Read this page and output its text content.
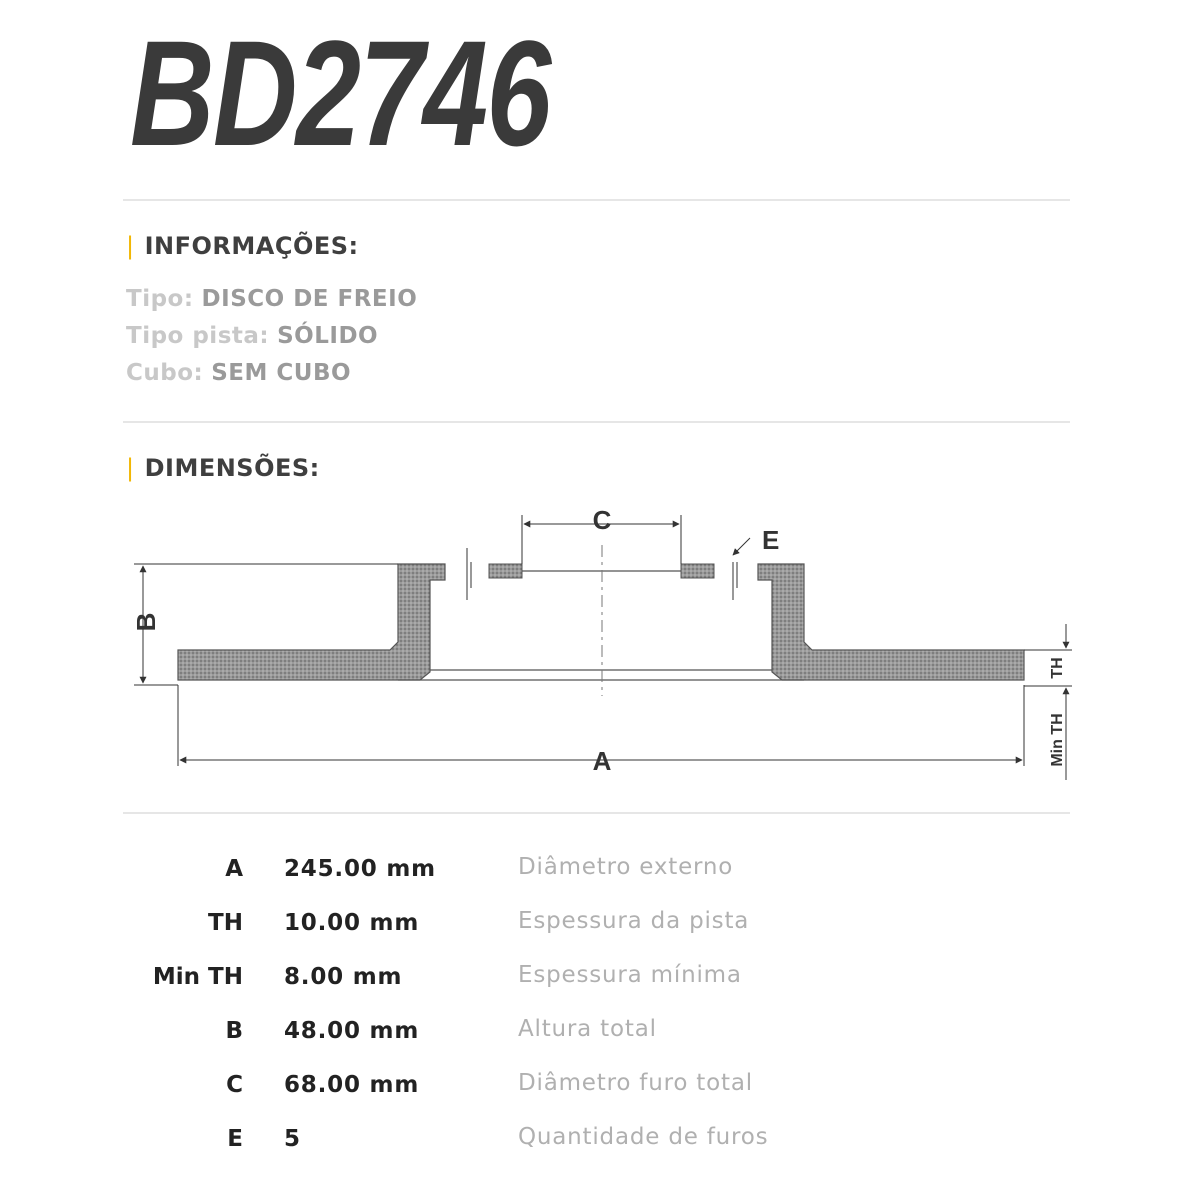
BD2746
| INFORMAÇÕES:
Tipo: DISCO DE FREIO
Tipo pista: SÓLIDO
Cubo: SEM CUBO
| DIMENSÕES:
C
E
B
A
TH
Min TH
A 245.00 mm	Diâmetro externo
TH 10.00 mm	Espessura da pista
Min TH 8.00 mm	Espessura mínima
B 48.00 mm	Altura total
C 68.00 mm	Diâmetro furo total
E 5	Quantidade de furos
